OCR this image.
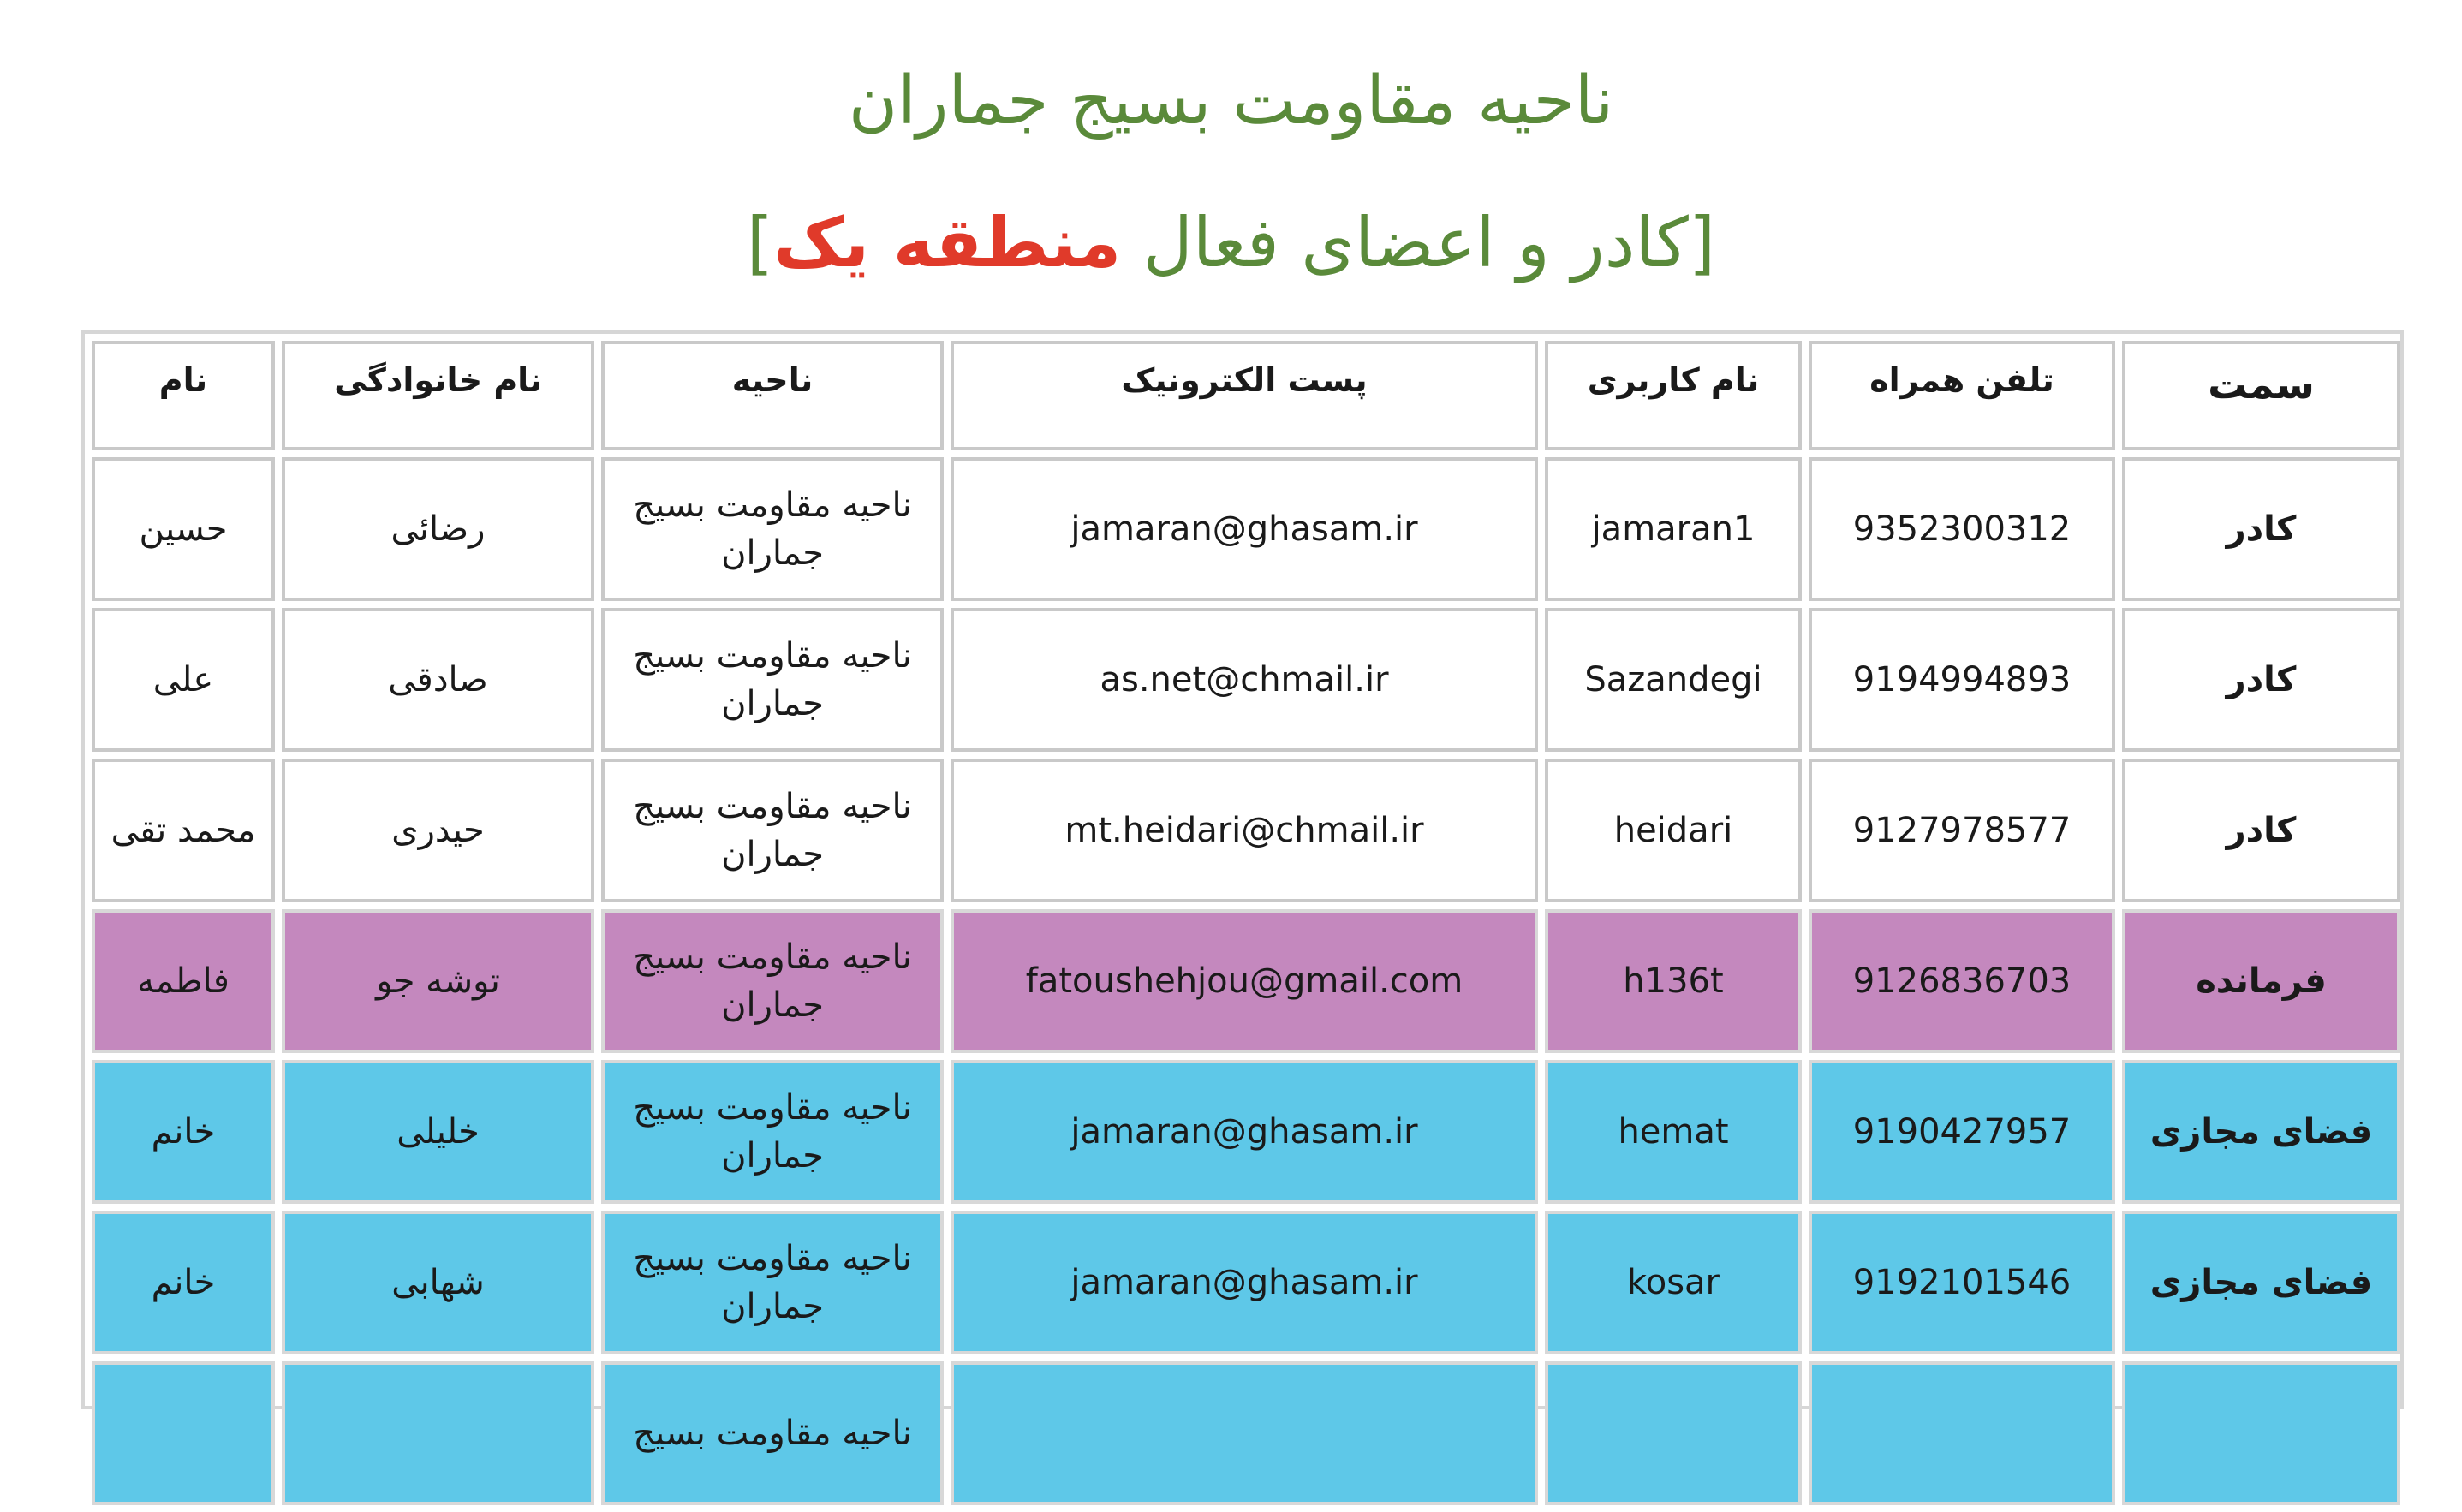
ناحیه مقاومت بسیج جماران
[کادر و اعضای فعال منطقه یک]
سمت	تلفن همراه	نام کاربری	پست الکترونیک	ناحیه	نام خانوادگی	نام
کادر	9352300312	jamaran1	jamaran@ghasam.ir	ناحیه مقاومت بسیج جماران	رضائی	حسین
کادر	9194994893	Sazandegi	as.net@chmail.ir	ناحیه مقاومت بسیج جماران	صادقی	علی
کادر	9127978577	heidari	mt.heidari@chmail.ir	ناحیه مقاومت بسیج جماران	حیدری	محمد تقی
فرمانده	9126836703	h136t	fatoushehjou@gmail.com	ناحیه مقاومت بسیج جماران	توشه جو	فاطمه
فضای مجازی	9190427957	hemat	jamaran@ghasam.ir	ناحیه مقاومت بسیج جماران	خلیلی	خانم
فضای مجازی	9192101546	kosar	jamaran@ghasam.ir	ناحیه مقاومت بسیج جماران	شهابی	خانم
				ناحیه مقاومت بسیج		
